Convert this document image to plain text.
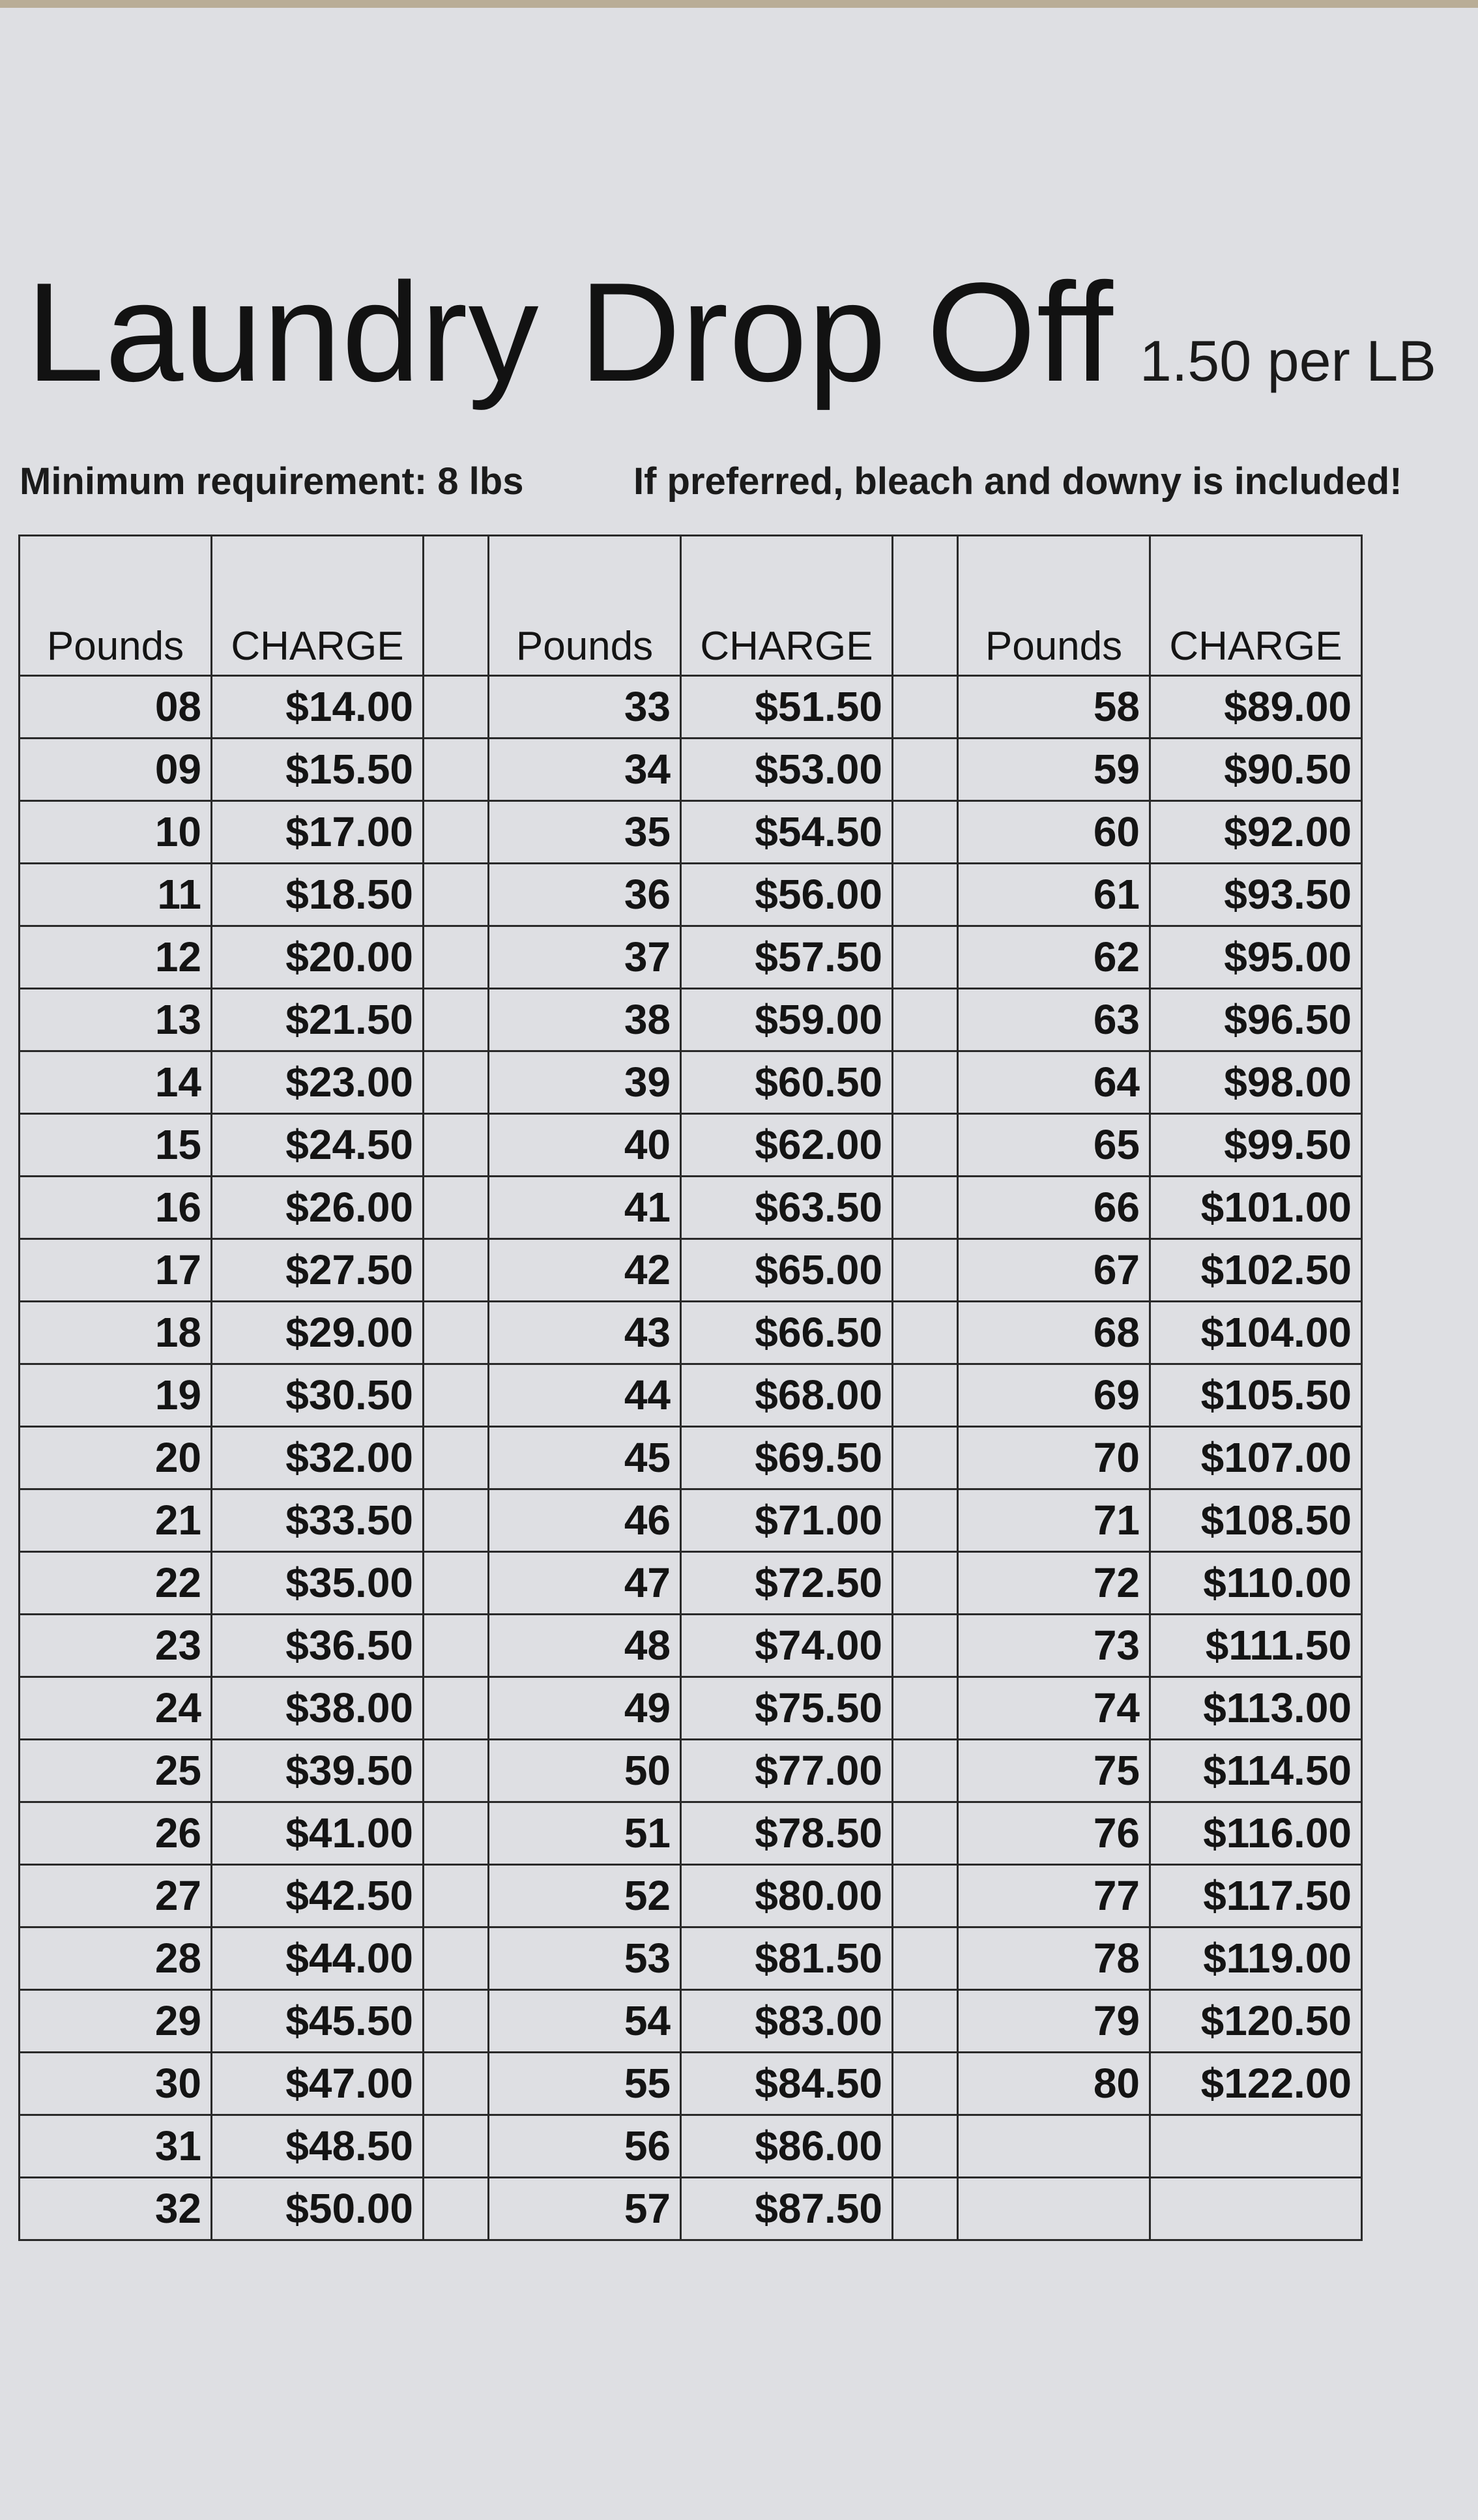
Laundry Drop Off 1.50 per LB
Minimum requirement: 8 lbs	If preferred, bleach and downy is included!
Pounds	CHARGE		Pounds	CHARGE		Pounds	CHARGE
08	$14.00		33	$51.50		58	$89.00
09	$15.50		34	$53.00		59	$90.50
10	$17.00		35	$54.50		60	$92.00
11	$18.50		36	$56.00		61	$93.50
12	$20.00		37	$57.50		62	$95.00
13	$21.50		38	$59.00		63	$96.50
14	$23.00		39	$60.50		64	$98.00
15	$24.50		40	$62.00		65	$99.50
16	$26.00		41	$63.50		66	$101.00
17	$27.50		42	$65.00		67	$102.50
18	$29.00		43	$66.50		68	$104.00
19	$30.50		44	$68.00		69	$105.50
20	$32.00		45	$69.50		70	$107.00
21	$33.50		46	$71.00		71	$108.50
22	$35.00		47	$72.50		72	$110.00
23	$36.50		48	$74.00		73	$111.50
24	$38.00		49	$75.50		74	$113.00
25	$39.50		50	$77.00		75	$114.50
26	$41.00		51	$78.50		76	$116.00
27	$42.50		52	$80.00		77	$117.50
28	$44.00		53	$81.50		78	$119.00
29	$45.50		54	$83.00		79	$120.50
30	$47.00		55	$84.50		80	$122.00
31	$48.50		56	$86.00			
32	$50.00		57	$87.50			
